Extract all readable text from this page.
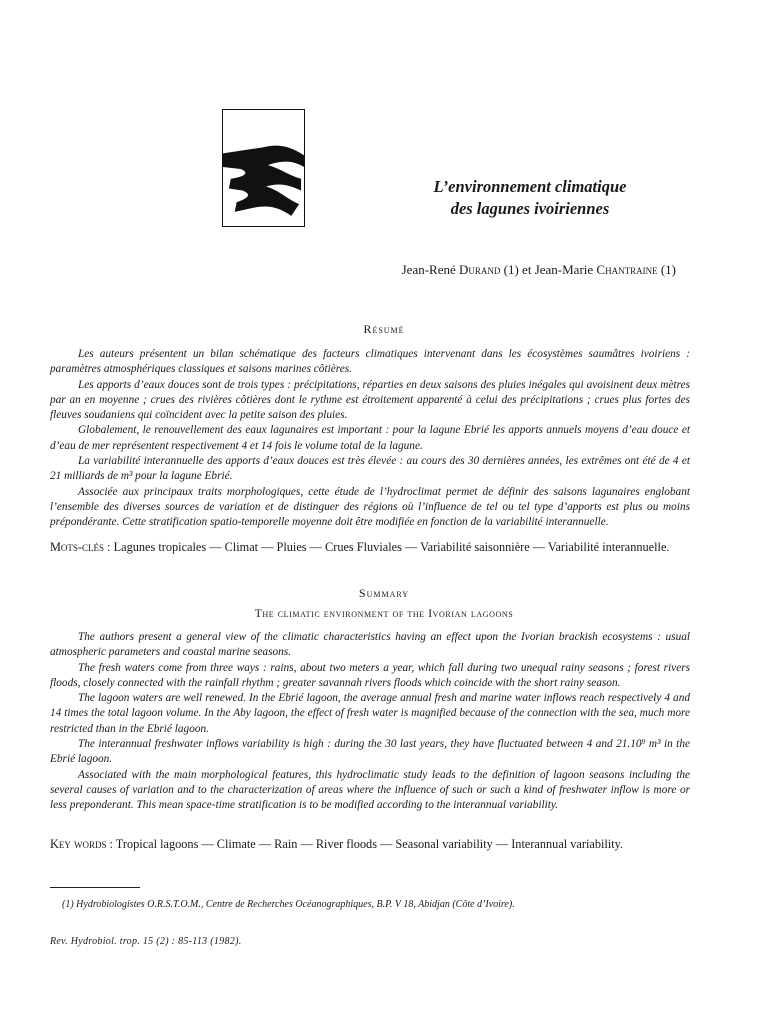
L’environnement climatique
des lagunes ivoiriennes
Jean-René Durand (1) et Jean-Marie Chantraine (1)
Résumé

Les auteurs présentent un bilan schématique des facteurs climatiques intervenant dans les écosystèmes saumâtres ivoiriens : paramètres atmosphériques classiques et saisons marines côtières.

Les apports d’eaux douces sont de trois types : précipitations, réparties en deux saisons des pluies inégales qui avoisinent deux mètres par an en moyenne ; crues des rivières côtières dont le rythme est étroitement apparenté à celui des précipitations ; crues plus fortes des fleuves soudaniens qui coïncident avec la petite saison des pluies.

Globalement, le renouvellement des eaux lagunaires est important : pour la lagune Ebrié les apports annuels moyens d’eau douce et d’eau de mer représentent respectivement 4 et 14 fois le volume total de la lagune.

La variabilité interannuelle des apports d’eaux douces est très élevée : au cours des 30 dernières années, les extrêmes ont été de 4 et 21 milliards de m³ pour la lagune Ebrié.

Associée aux principaux traits morphologiques, cette étude de l’hydroclimat permet de définir des saisons lagunaires englobant l’ensemble des diverses sources de variation et de distinguer des régions où l’influence de tel ou tel type d’apports est plus ou moins prépondérante. Cette stratification spatio-temporelle moyenne doit être modifiée en fonction de la variabilité interannuelle.

Mots-clés : Lagunes tropicales — Climat — Pluies — Crues Fluviales — Variabilité saisonnière — Variabilité interannuelle.
Summary
The climatic environment of the Ivorian lagoons

The authors present a general view of the climatic characteristics having an effect upon the Ivorian brackish ecosystems : usual atmospheric parameters and coastal marine seasons.

The fresh waters come from three ways : rains, about two meters a year, which fall during two unequal rainy seasons ; forest rivers floods, closely connected with the rainfall rhythm ; greater savannah rivers floods which coincide with the short rainy season.

The lagoon waters are well renewed. In the Ebrié lagoon, the average annual fresh and marine water inflows reach respectively 4 and 14 times the total lagoon volume. In the Aby lagoon, the effect of fresh water is magnified because of the connection with the sea, much more restricted than in the Ebrié lagoon.

The interannual freshwater inflows variability is high : during the 30 last years, they have fluctuated between 4 and 21.10⁹ m³ in the Ebrié lagoon.

Associated with the main morphological features, this hydroclimatic study leads to the definition of lagoon seasons including the several causes of variation and to the characterization of areas where the influence of such or such a kind of freshwater inflow is more or less preponderant. This mean space-time stratification is to be modified according to the interannual variability.

Key words : Tropical lagoons — Climate — Rain — River floods — Seasonal variability — Interannual variability.
(1) Hydrobiologistes O.R.S.T.O.M., Centre de Recherches Océanographiques, B.P. V 18, Abidjan (Côte d’Ivoire).
Rev. Hydrobiol. trop. 15 (2) : 85-113 (1982).
